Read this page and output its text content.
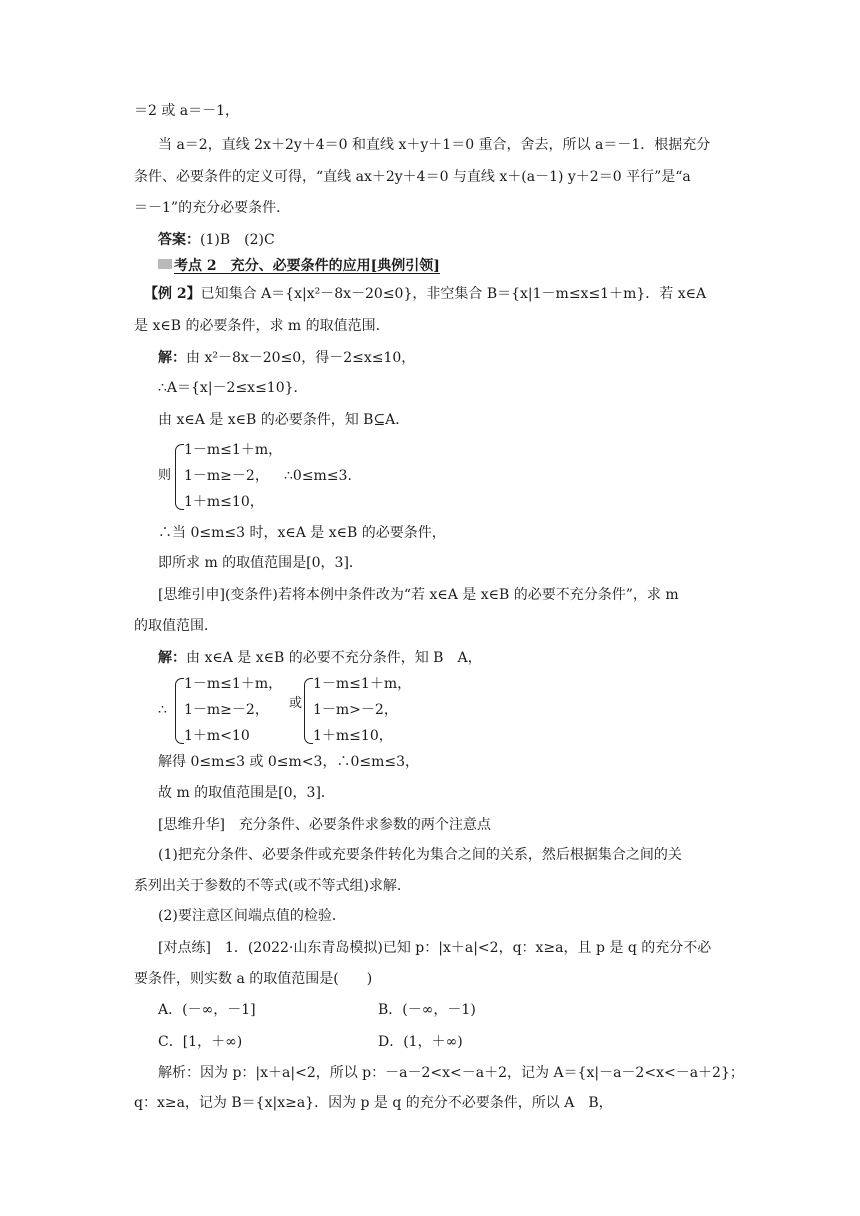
＝2 或 a＝－1，
当 a＝2，直线 2x＋2y＋4＝0 和直线 x＋y＋1＝0 重合，舍去，所以 a＝－1．根据充分
条件、必要条件的定义可得，“直线 ax＋2y＋4＝0 与直线 x＋(a－1) y＋2＝0 平行”是“a
＝－1”的充分必要条件．
答案：(1)B　(2)C
考点 2　充分、必要条件的应用[典例引领]
【例 2】已知集合 A＝{x|x²－8x－20≤0}，非空集合 B＝{x|1－m≤x≤1＋m}．若 x∈A
是 x∈B 的必要条件，求 m 的取值范围．
解：由 x²－8x－20≤0，得－2≤x≤10，
∴A＝{x|－2≤x≤10}．
由 x∈A 是 x∈B 的必要条件，知 B⊆A．
则
1－m≤1＋m，
1－m≥－2，
1＋m≤10，
∴0≤m≤3.
∴当 0≤m≤3 时，x∈A 是 x∈B 的必要条件，
即所求 m 的取值范围是[0，3]．
[思维引申](变条件)若将本例中条件改为“若 x∈A 是 x∈B 的必要不充分条件”，求 m
的取值范围．
解：由 x∈A 是 x∈B 的必要不充分条件，知 B　A，
∴
1－m≤1＋m，
1－m≥－2，
1＋m<10
或
1－m≤1＋m，
1－m>－2，
1＋m≤10，
解得 0≤m≤3 或 0≤m<3，∴0≤m≤3，
故 m 的取值范围是[0，3]．
[思维升华]　充分条件、必要条件求参数的两个注意点
(1)把充分条件、必要条件或充要条件转化为集合之间的关系，然后根据集合之间的关
系列出关于参数的不等式(或不等式组)求解．
(2)要注意区间端点值的检验．
[对点练]　1．(2022·山东青岛模拟)已知 p：|x＋a|<2，q：x≥a，且 p 是 q 的充分不必
要条件，则实数 a 的取值范围是(　　)
A．(－∞，－1]	B．(－∞，－1)
C．[1，＋∞)	D．(1，＋∞)
解析：因为 p：|x＋a|<2，所以 p：－a－2<x<－a＋2，记为 A＝{x|－a－2<x<－a＋2}；
q：x≥a，记为 B＝{x|x≥a}．因为 p 是 q 的充分不必要条件，所以 A　B，
